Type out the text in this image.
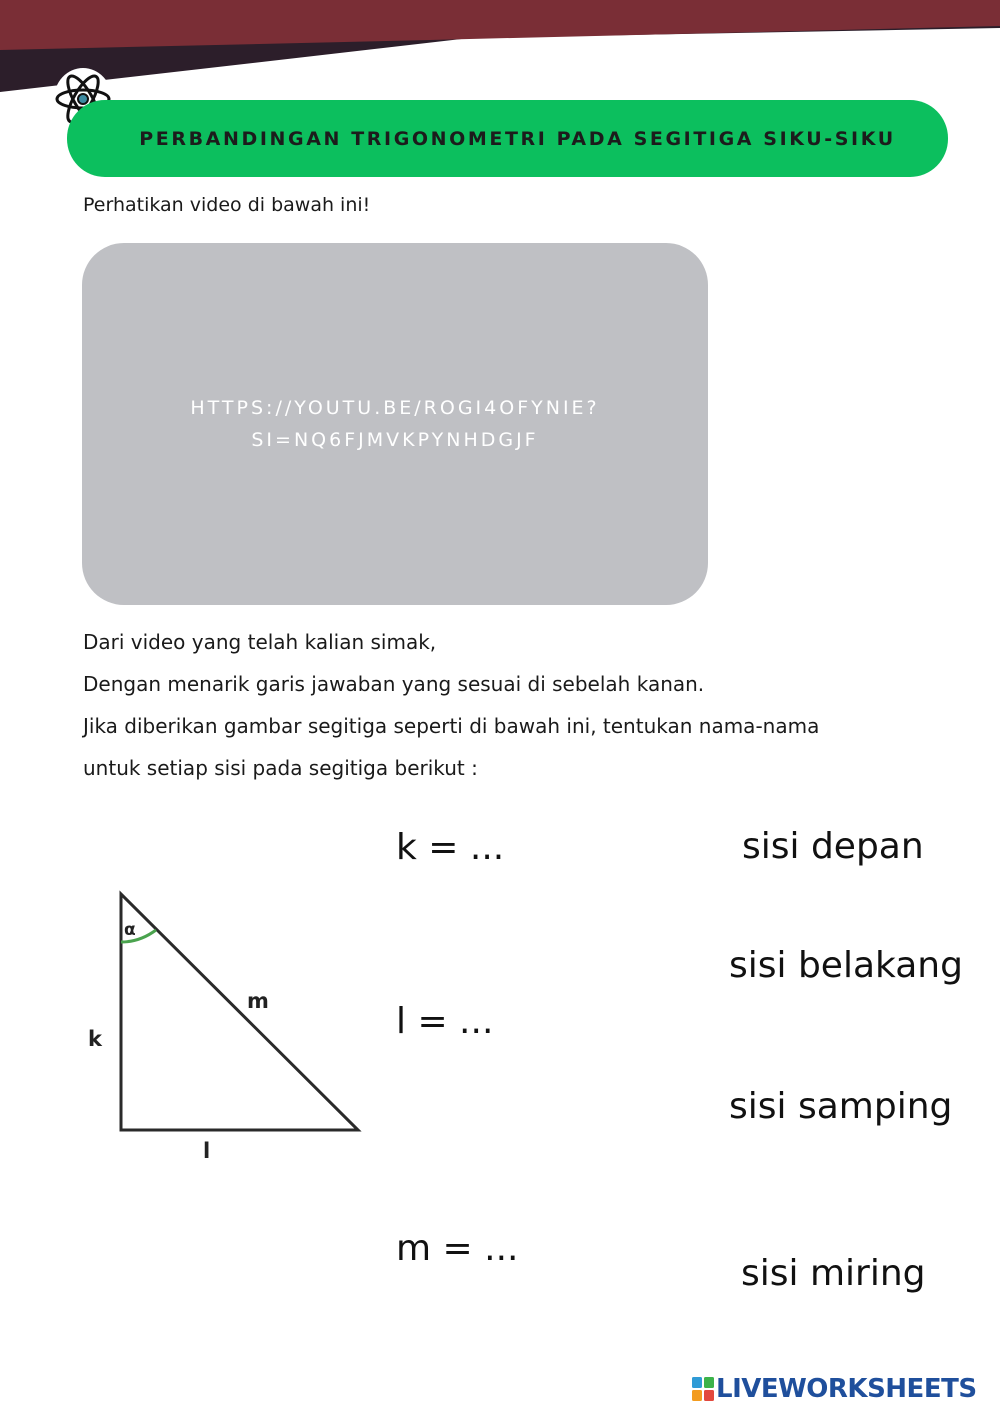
PERBANDINGAN TRIGONOMETRI PADA SEGITIGA SIKU-SIKU
Perhatikan video di bawah ini!
HTTPS://YOUTU.BE/ROGI4OFYNIE?
SI=NQ6FJMVKPYNHDGJF
Dari video yang telah kalian simak,
Dengan menarik garis jawaban yang sesuai di sebelah kanan.
Jika diberikan gambar segitiga seperti di bawah ini, tentukan nama-nama
untuk setiap sisi pada segitiga berikut :
α
k
m
l
k = ...
l = ...
m = ...
sisi depan
sisi belakang
sisi samping
sisi miring
LIVEWORKSHEETS
